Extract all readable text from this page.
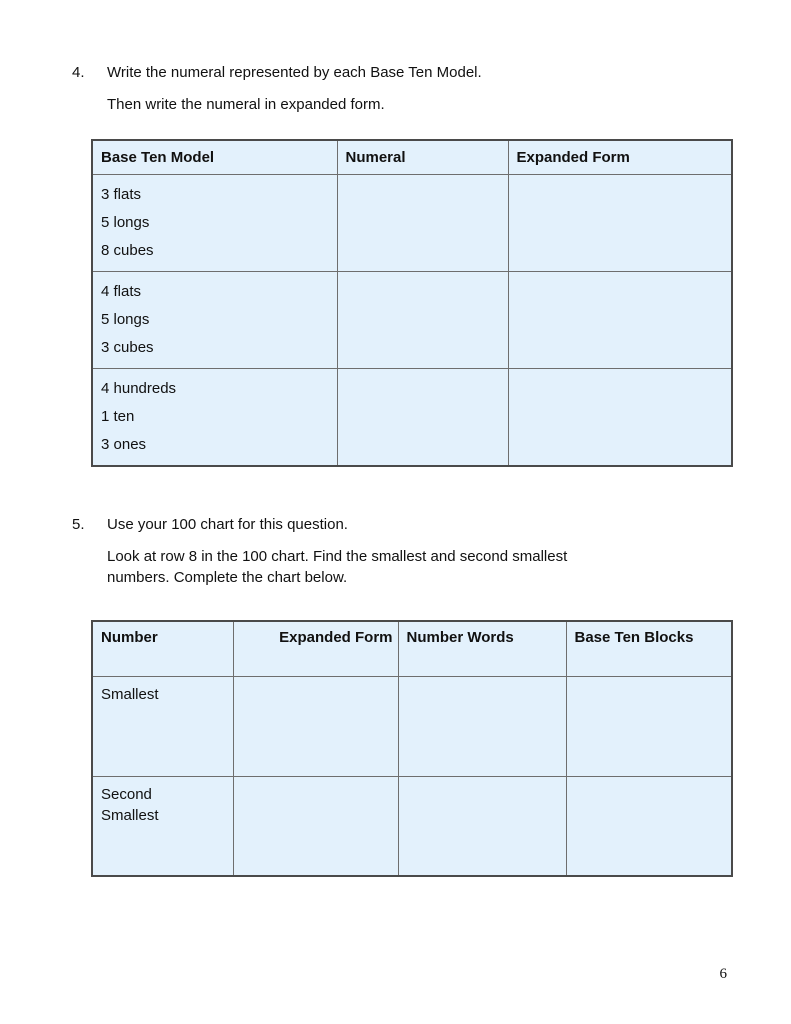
4. Write the numeral represented by each Base Ten Model.
Then write the numeral in expanded form.
Base Ten Model	Numeral	Expanded Form

3 flats
5 longs
8 cubes		

4 flats
5 longs
3 cubes		

4 hundreds
1 ten
3 ones		

5. Use your 100 chart for this question.
Look at row 8 in the 100 chart. Find the smallest and second smallest
numbers. Complete the chart below.
Number	Expanded Form	Number Words	Base Ten Blocks

Smallest			

Second
Smallest			

6
